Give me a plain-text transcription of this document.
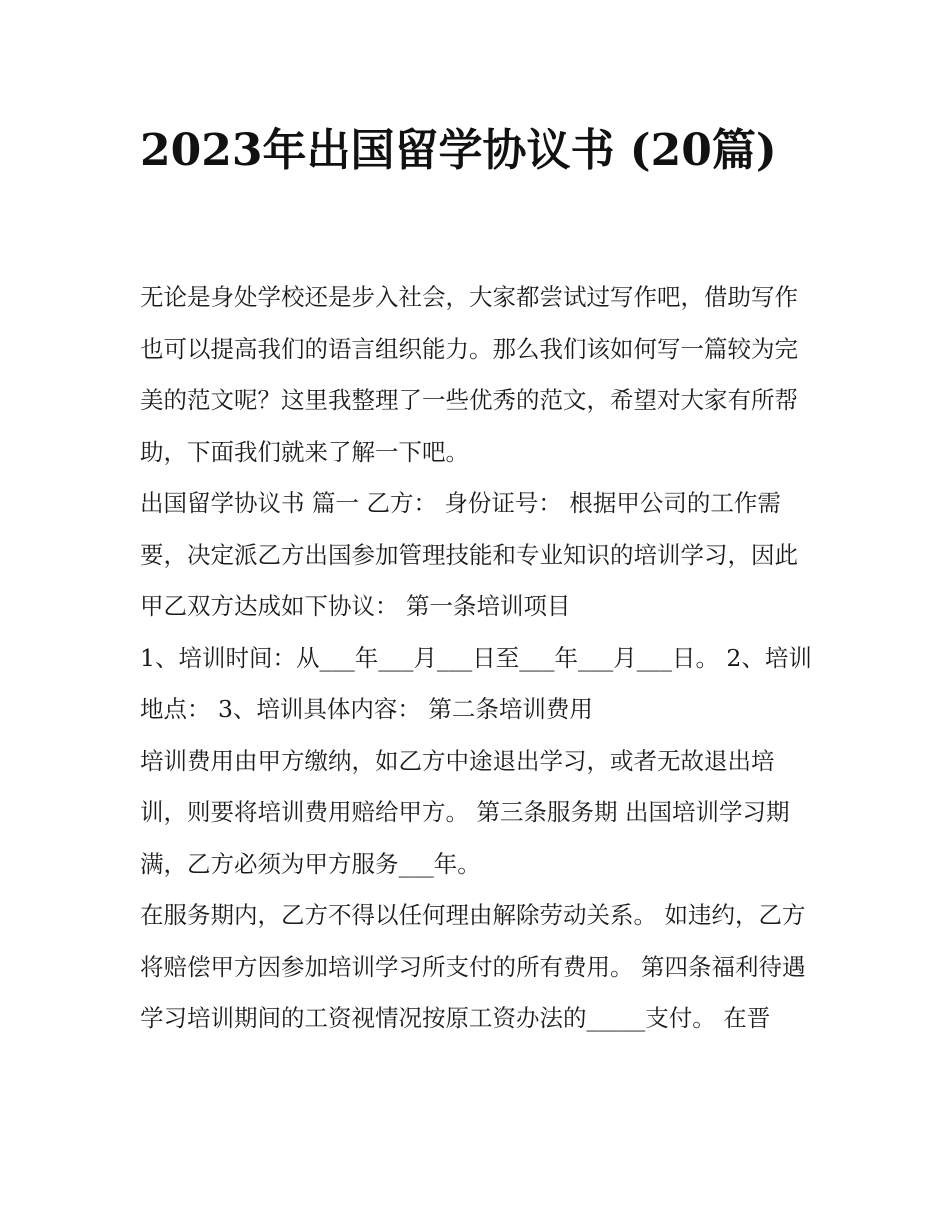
2023年出国留学协议书 (20篇)

无论是身处学校还是步入社会，大家都尝试过写作吧，借助写作也可以提高我们的语言组织能力。那么我们该如何写一篇较为完美的范文呢？这里我整理了一些优秀的范文，希望对大家有所帮助，下面我们就来了解一下吧。

出国留学协议书 篇一 乙方： 身份证号： 根据甲公司的工作需要，决定派乙方出国参加管理技能和专业知识的培训学习，因此甲乙双方达成如下协议： 第一条培训项目

1、培训时间：从___年___月___日至___年___月___日。 2、培训地点： 3、培训具体内容： 第二条培训费用

培训费用由甲方缴纳，如乙方中途退出学习，或者无故退出培训，则要将培训费用赔给甲方。 第三条服务期 出国培训学习期满，乙方必须为甲方服务___年。

在服务期内，乙方不得以任何理由解除劳动关系。 如违约，乙方将赔偿甲方因参加培训学习所支付的所有费用。 第四条福利待遇

学习培训期间的工资视情况按原工资办法的_____支付。 在晋
